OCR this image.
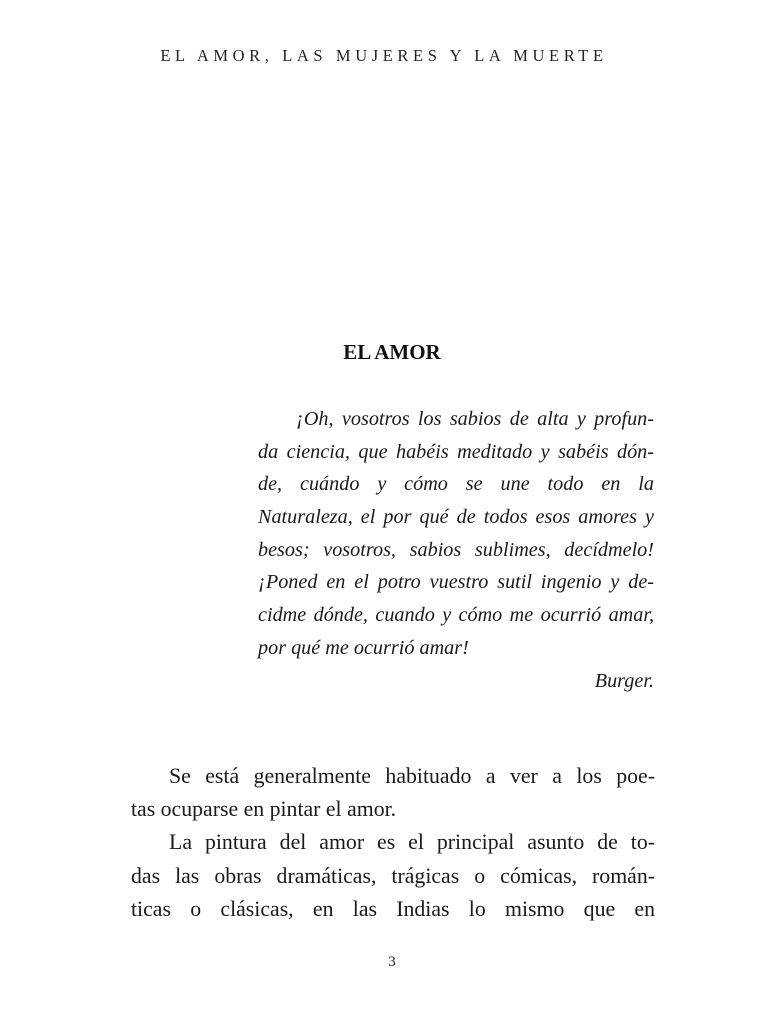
EL AMOR, LAS MUJERES Y LA MUERTE
EL AMOR
¡Oh, vosotros los sabios de alta y profun-
da ciencia, que habéis meditado y sabéis dón-
de, cuándo y cómo se une todo en la
Naturaleza, el por qué de todos esos amores y
besos; vosotros, sabios sublimes, decídmelo!
¡Poned en el potro vuestro sutil ingenio y de-
cidme dónde, cuando y cómo me ocurrió amar,
por qué me ocurrió amar!
Burger.
Se está generalmente habituado a ver a los poe-
tas ocuparse en pintar el amor.
La pintura del amor es el principal asunto de to-
das las obras dramáticas, trágicas o cómicas, román-
ticas o clásicas, en las Indias lo mismo que en
3
